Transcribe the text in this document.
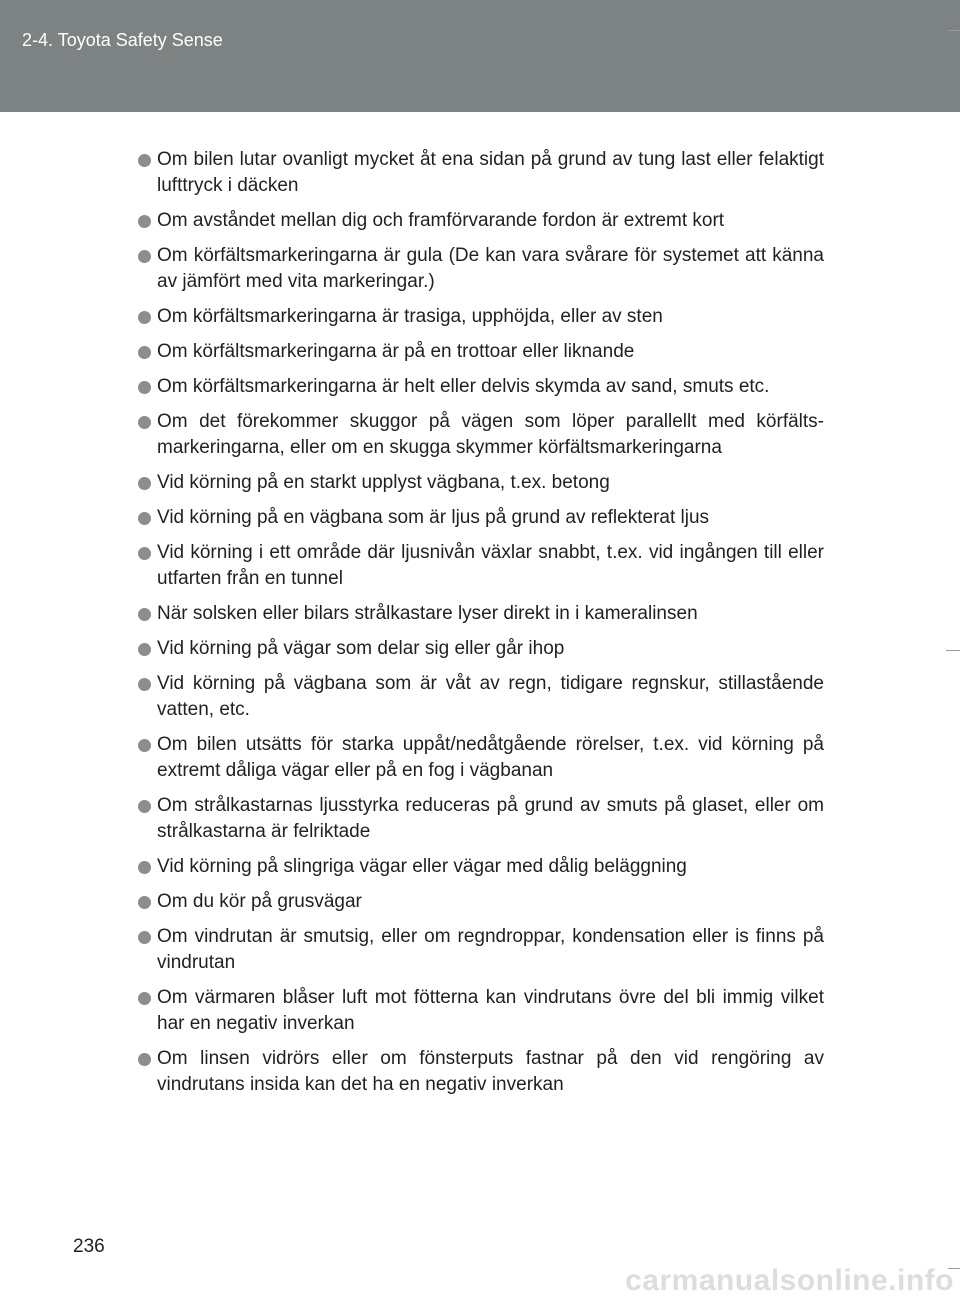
2-4. Toyota Safety Sense
Om bilen lutar ovanligt mycket åt ena sidan på grund av tung last eller felaktigt lufttryck i däcken
Om avståndet mellan dig och framförvarande fordon är extremt kort
Om körfältsmarkeringarna är gula (De kan vara svårare för systemet att känna av jämfört med vita markeringar.)
Om körfältsmarkeringarna är trasiga, upphöjda, eller av sten
Om körfältsmarkeringarna är på en trottoar eller liknande
Om körfältsmarkeringarna är helt eller delvis skymda av sand, smuts etc.
Om det förekommer skuggor på vägen som löper parallellt med körfälts-markeringarna, eller om en skugga skymmer körfältsmarkeringarna
Vid körning på en starkt upplyst vägbana, t.ex. betong
Vid körning på en vägbana som är ljus på grund av reflekterat ljus
Vid körning i ett område där ljusnivån växlar snabbt, t.ex. vid ingången till eller utfarten från en tunnel
När solsken eller bilars strålkastare lyser direkt in i kameralinsen
Vid körning på vägar som delar sig eller går ihop
Vid körning på vägbana som är våt av regn, tidigare regnskur, stillastående vatten, etc.
Om bilen utsätts för starka uppåt/nedåtgående rörelser, t.ex. vid körning på extremt dåliga vägar eller på en fog i vägbanan
Om strålkastarnas ljusstyrka reduceras på grund av smuts på glaset, eller om strålkastarna är felriktade
Vid körning på slingriga vägar eller vägar med dålig beläggning
Om du kör på grusvägar
Om vindrutan är smutsig, eller om regndroppar, kondensation eller is finns på vindrutan
Om värmaren blåser luft mot fötterna kan vindrutans övre del bli immig vilket har en negativ inverkan
Om linsen vidrörs eller om fönsterputs fastnar på den vid rengöring av vindrutans insida kan det ha en negativ inverkan
236
carmanualsonline.info
